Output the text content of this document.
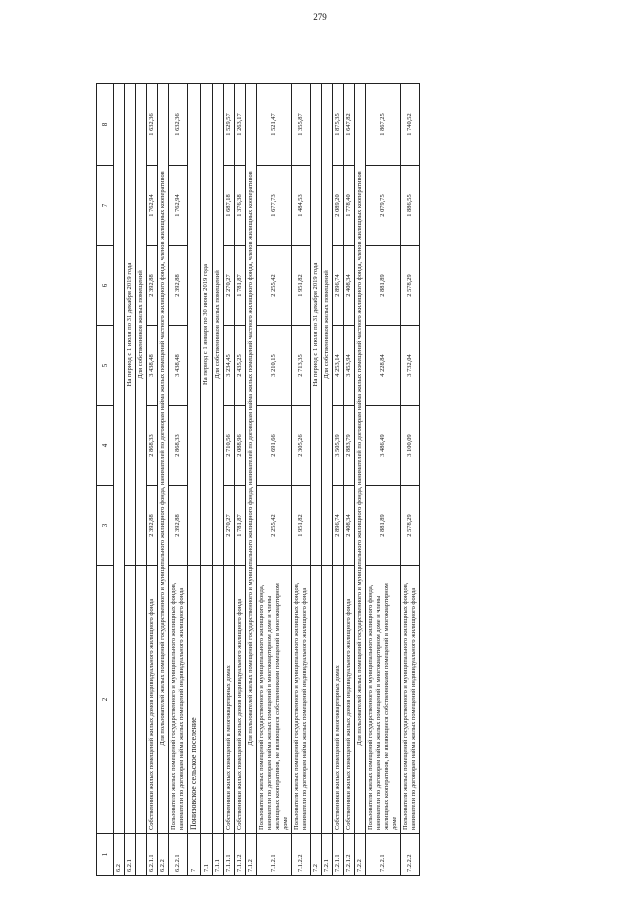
279
1	2	3	4	5	6	7	8
6.2							
6.2.1		На период с 1 июля по 31 декабря 2019 года					
		Для собственников жилых помещений					
6.2.1.1	Собственники жилых помещений жилых домов индивидуального жилищного фонда	2 392,88	2 868,33	3 438,48	2 392,88	1 762,94	1 632,36
6.2.2	Для пользователей жилых помещений государственного и муниципального жилищного фонда, нанимателей по договорам найма жилых помещений частного жилищного фонда, членов жилищных кооперативов						
6.2.2.1	Пользователи жилых помещений государственного и муниципального жилищных фондов, наниматели по договорам найма жилых помещений индивидуального жилищного фонда	2 392,88	2 868,33	3 438,48	2 392,88	1 762,94	1 632,36
7	Понизовское сельское поселение						
7.1		На период с 1 января по 30 июня 2019 года					
7.1.1		Для собственников жилых помещений					
7.1.1.1	Собственники жилых помещений в многоквартирных домах	2 270,27	2 710,56	3 234,45	2 270,27	1 687,18	1 529,57
7.1.1.2	Собственники жилых помещений жилых домов индивидуального жилищного фонда	1 781,87	2 088,96	2 435,25	1 781,87	1 376,38	1 263,17
7.1.2	Для пользователей жилых помещений государственного и муниципального жилищного фонда, нанимателей по договорам найма жилых помещений частного жилищного фонда, членов жилищных кооперативов						
7.1.2.1	Пользователи жилых помещений государственного и муниципального жилищного фонда, наниматели по договорам найма жилых помещений в многоквартирном доме и члены жилищных кооперативов, не являющиеся собственниками помещений в многоквартирном доме	2 255,42	2 691,66	3 210,15	2 255,42	1 677,73	1 521,47
7.1.2.2	Пользователи жилых помещений государственного и муниципального жилищных фондов, наниматели по договорам найма жилых помещений индивидуального жилищного фонда	1 951,82	2 305,26	2 713,35	1 951,82	1 484,53	1 355,87
7.2		На период с 1 июля по 31 декабря 2019 года					
7.2.1		Для собственников жилых помещений					
7.2.1.1	Собственники жилых помещений в многоквартирных домах	2 896,74	3 505,39	4 253,14	2 896,74	2 089,20	1 875,35
7.2.1.2	Собственники жилых помещений жилых домов индивидуального жилищного фонда	2 408,34	2 883,79	3 453,94	2 408,34	1 778,40	1 647,82
7.2.2	Для пользователей жилых помещений государственного и муниципального жилищного фонда, нанимателей по договорам найма жилых помещений частного жилищного фонда, членов жилищных кооперативов						
7.2.2.1	Пользователи жилых помещений государственного и муниципального жилищного фонда, наниматели по договорам найма жилых помещений в многоквартирном доме и члены жилищных кооперативов, не являющиеся собственниками помещений в многоквартирном доме	2 881,89	3 486,49	4 228,84	2 881,89	2 079,75	1 867,25
7.2.2.2	Пользователи жилых помещений государственного и муниципального жилищных фондов, наниматели по договорам найма жилых помещений индивидуального жилищного фонда	2 578,29	3 100,09	3 732,04	2 578,29	1 886,55	1 740,52
